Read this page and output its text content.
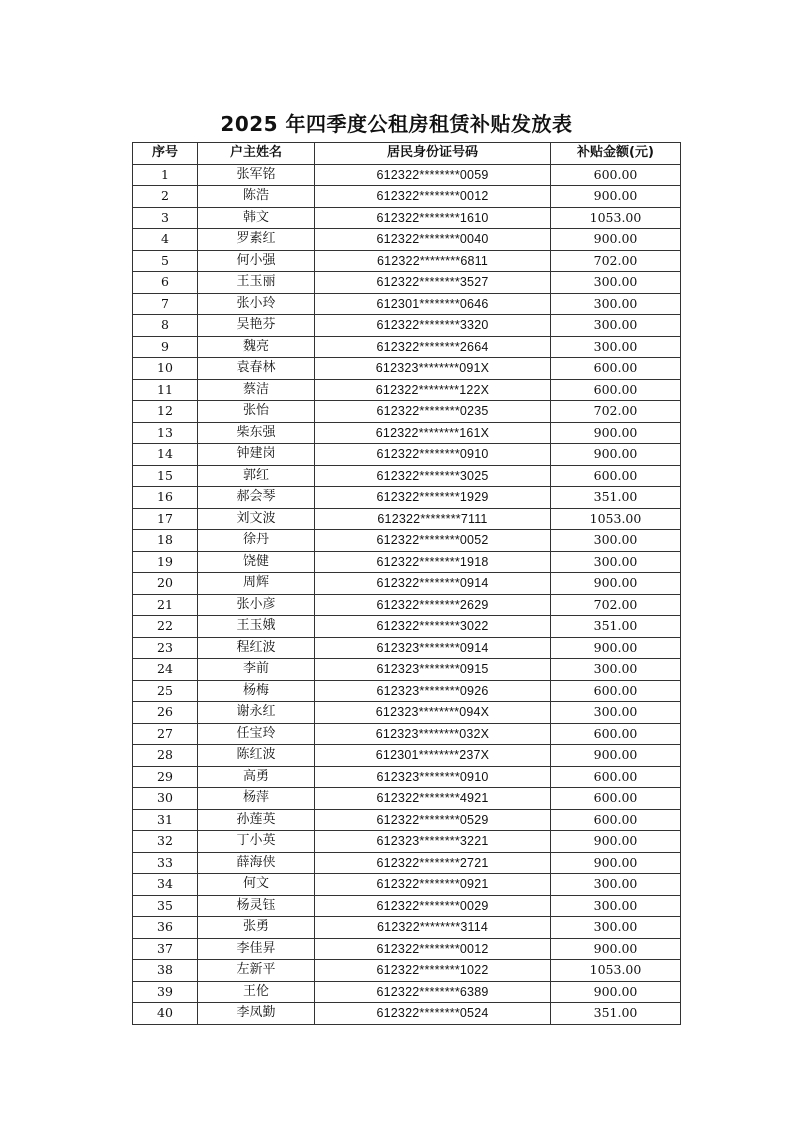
2025 年四季度公租房租赁补贴发放表
序号	户主姓名	居民身份证号码	补贴金额(元)
1	张军铭	612322********0059	600.00
2	陈浩	612322********0012	900.00
3	韩文	612322********1610	1053.00
4	罗素红	612322********0040	900.00
5	何小强	612322********6811	702.00
6	王玉丽	612322********3527	300.00
7	张小玲	612301********0646	300.00
8	吴艳芬	612322********3320	300.00
9	魏亮	612322********2664	300.00
10	袁春林	612323********091X	600.00
11	蔡洁	612322********122X	600.00
12	张怡	612322********0235	702.00
13	柴东强	612322********161X	900.00
14	钟建岗	612322********0910	900.00
15	郭红	612322********3025	600.00
16	郝会琴	612322********1929	351.00
17	刘文波	612322********7111	1053.00
18	徐丹	612322********0052	300.00
19	饶健	612322********1918	300.00
20	周辉	612322********0914	900.00
21	张小彦	612322********2629	702.00
22	王玉娥	612322********3022	351.00
23	程红波	612323********0914	900.00
24	李前	612323********0915	300.00
25	杨梅	612323********0926	600.00
26	谢永红	612323********094X	300.00
27	任宝玲	612323********032X	600.00
28	陈红波	612301********237X	900.00
29	高勇	612323********0910	600.00
30	杨萍	612322********4921	600.00
31	孙莲英	612322********0529	600.00
32	丁小英	612323********3221	900.00
33	薛海侠	612322********2721	900.00
34	何文	612322********0921	300.00
35	杨灵钰	612322********0029	300.00
36	张勇	612322********3114	300.00
37	李佳昇	612322********0012	900.00
38	左新平	612322********1022	1053.00
39	王伦	612322********6389	900.00
40	李凤勤	612322********0524	351.00
